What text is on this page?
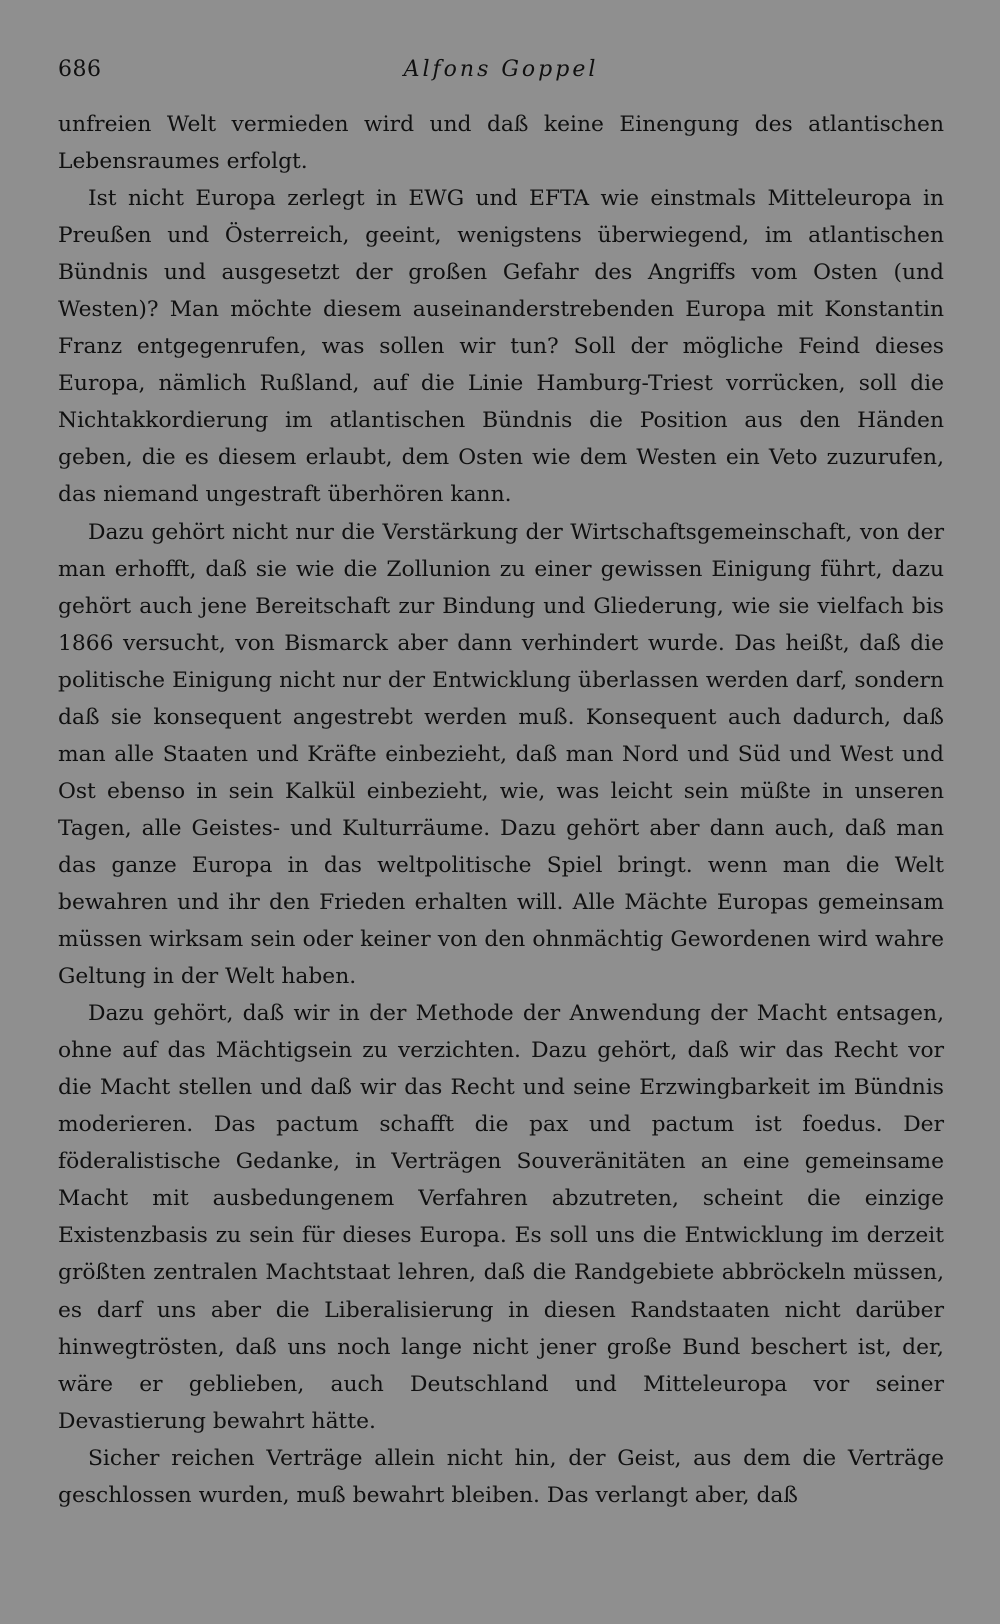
686	Alfons Goppel

unfreien Welt vermieden wird und daß keine Einengung des atlantischen Lebensraumes erfolgt.

Ist nicht Europa zerlegt in EWG und EFTA wie einstmals Mitteleuropa in Preußen und Österreich, geeint, wenigstens überwiegend, im atlantischen Bündnis und ausgesetzt der großen Gefahr des Angriffs vom Osten (und Westen)? Man möchte diesem auseinanderstrebenden Europa mit Konstantin Franz entgegenrufen, was sollen wir tun? Soll der mögliche Feind dieses Europa, nämlich Rußland, auf die Linie Hamburg-Triest vorrücken, soll die Nichtakkordierung im atlantischen Bündnis die Position aus den Händen geben, die es diesem erlaubt, dem Osten wie dem Westen ein Veto zuzurufen, das niemand ungestraft überhören kann.

Dazu gehört nicht nur die Verstärkung der Wirtschaftsgemeinschaft, von der man erhofft, daß sie wie die Zollunion zu einer gewissen Einigung führt, dazu gehört auch jene Bereitschaft zur Bindung und Gliederung, wie sie vielfach bis 1866 versucht, von Bismarck aber dann verhindert wurde. Das heißt, daß die politische Einigung nicht nur der Entwicklung überlassen werden darf, sondern daß sie konsequent angestrebt werden muß. Konsequent auch dadurch, daß man alle Staaten und Kräfte einbezieht, daß man Nord und Süd und West und Ost ebenso in sein Kalkül einbezieht, wie, was leicht sein müßte in unseren Tagen, alle Geistes- und Kulturräume. Dazu gehört aber dann auch, daß man das ganze Europa in das weltpolitische Spiel bringt. wenn man die Welt bewahren und ihr den Frieden erhalten will. Alle Mächte Europas gemeinsam müssen wirksam sein oder keiner von den ohnmächtig Gewordenen wird wahre Geltung in der Welt haben.

Dazu gehört, daß wir in der Methode der Anwendung der Macht entsagen, ohne auf das Mächtigsein zu verzichten. Dazu gehört, daß wir das Recht vor die Macht stellen und daß wir das Recht und seine Erzwingbarkeit im Bündnis moderieren. Das pactum schafft die pax und pactum ist foedus. Der föderalistische Gedanke, in Verträgen Souveränitäten an eine gemeinsame Macht mit ausbedungenem Verfahren abzutreten, scheint die einzige Existenzbasis zu sein für dieses Europa. Es soll uns die Entwicklung im derzeit größten zentralen Machtstaat lehren, daß die Randgebiete abbröckeln müssen, es darf uns aber die Liberalisierung in diesen Randstaaten nicht darüber hinwegtrösten, daß uns noch lange nicht jener große Bund beschert ist, der, wäre er geblieben, auch Deutschland und Mitteleuropa vor seiner Devastierung bewahrt hätte.

Sicher reichen Verträge allein nicht hin, der Geist, aus dem die Verträge geschlossen wurden, muß bewahrt bleiben. Das verlangt aber, daß
